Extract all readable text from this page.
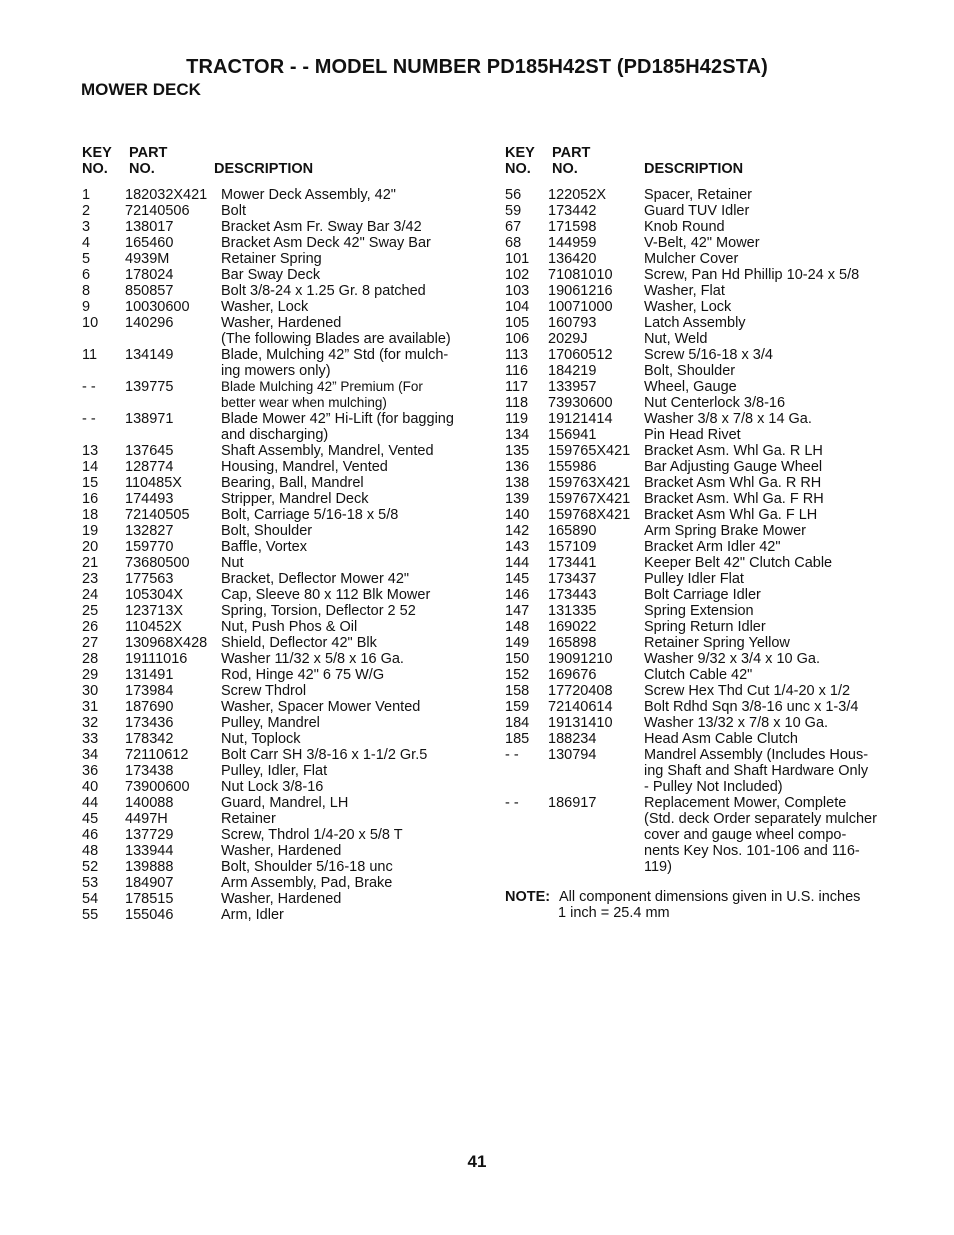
TRACTOR - - MODEL NUMBER PD185H42ST (PD185H42STA)
MOWER DECK
KEY
NO.
PART
NO.	DESCRIPTION
1 182032X421 Mower Deck Assembly, 42"
2 72140506 Bolt
3 138017	Bracket Asm Fr. Sway Bar 3/42
4 165460	Bracket Asm Deck 42" Sway Bar
5 4939M	Retainer Spring
6 178024	Bar Sway Deck
8 850857	Bolt 3/8-24 x 1.25 Gr. 8 patched
9 10030600 Washer, Lock
10 140296	Washer, Hardened
(The following Blades are available)
11 134149	Blade, Mulching 42” Std (for mulch-
ing mowers only)
- - 139775	Blade Mulching 42” Premium (For
better wear when mulching)
- - 138971	Blade Mower 42” Hi-Lift (for bagging
and discharging)
13 137645	Shaft Assembly, Mandrel, Vented
14 128774	Housing, Mandrel, Vented
15 110485X	Bearing, Ball, Mandrel
16 174493	Stripper, Mandrel Deck
18 72140505 Bolt, Carriage 5/16-18 x 5/8
19 132827	Bolt, Shoulder
20 159770	Baffle, Vortex
21 73680500 Nut
23 177563	Bracket, Deflector Mower 42"
24 105304X	Cap, Sleeve 80 x 112 Blk Mower
25 123713X	Spring, Torsion, Deflector 2 52
26 110452X	Nut, Push Phos & Oil
27 130968X428 Shield, Deflector 42" Blk
28 19111016 Washer 11/32 x 5/8 x 16 Ga.
29 131491	Rod, Hinge 42" 6 75 W/G
30 173984	Screw Thdrol
31 187690	Washer, Spacer Mower Vented
32 173436	Pulley, Mandrel
33 178342	Nut, Toplock
34 72110612 Bolt Carr SH 3/8-16 x 1-1/2 Gr.5
36 173438	Pulley, Idler, Flat
40 73900600 Nut Lock 3/8-16
44 140088	Guard, Mandrel, LH
45 4497H	Retainer
46 137729	Screw, Thdrol 1/4-20 x 5/8 T
48 133944	Washer, Hardened
52 139888	Bolt, Shoulder 5/16-18 unc
53 184907	Arm Assembly, Pad, Brake
54 178515	Washer, Hardened
55 155046	Arm, Idler
KEY
NO.
PART
NO.	DESCRIPTION
56 122052X	Spacer, Retainer
59 173442	Guard TUV Idler
67 171598	Knob Round
68 144959	V-Belt, 42" Mower
101 136420	Mulcher Cover
102 71081010 Screw, Pan Hd Phillip 10-24 x 5/8
103 19061216 Washer, Flat
104 10071000 Washer, Lock
105 160793	Latch Assembly
106 2029J	Nut, Weld
113 17060512 Screw 5/16-18 x 3/4
116 184219	Bolt, Shoulder
117 133957	Wheel, Gauge
118 73930600 Nut Centerlock 3/8-16
119 19121414 Washer 3/8 x 7/8 x 14 Ga.
134 156941	Pin Head Rivet
135 159765X421 Bracket Asm. Whl Ga. R LH
136 155986	Bar Adjusting Gauge Wheel
138 159763X421 Bracket Asm Whl Ga. R RH
139 159767X421 Bracket Asm. Whl Ga. F RH
140 159768X421 Bracket Asm Whl Ga. F LH
142 165890	Arm Spring Brake Mower
143 157109	Bracket Arm Idler 42"
144 173441	Keeper Belt 42" Clutch Cable
145 173437	Pulley Idler Flat
146 173443	Bolt Carriage Idler
147 131335	Spring Extension
148 169022	Spring Return Idler
149 165898	Retainer Spring Yellow
150 19091210 Washer 9/32 x 3/4 x 10 Ga.
152 169676	Clutch Cable 42"
158 17720408 Screw Hex Thd Cut 1/4-20 x 1/2
159 72140614 Bolt Rdhd Sqn 3/8-16 unc x 1-3/4
184 19131410 Washer 13/32 x 7/8 x 10 Ga.
185 188234	Head Asm Cable Clutch
- - 130794	Mandrel Assembly (Includes Hous-
ing Shaft and Shaft Hardware Only
- Pulley Not Included)
- - 186917	Replacement Mower, Complete
(Std. deck Order separately mulcher
cover and gauge wheel compo-
nents Key Nos. 101-106 and 116-
119)
NOTE: All component dimensions given in U.S. inches
1 inch = 25.4 mm
41
